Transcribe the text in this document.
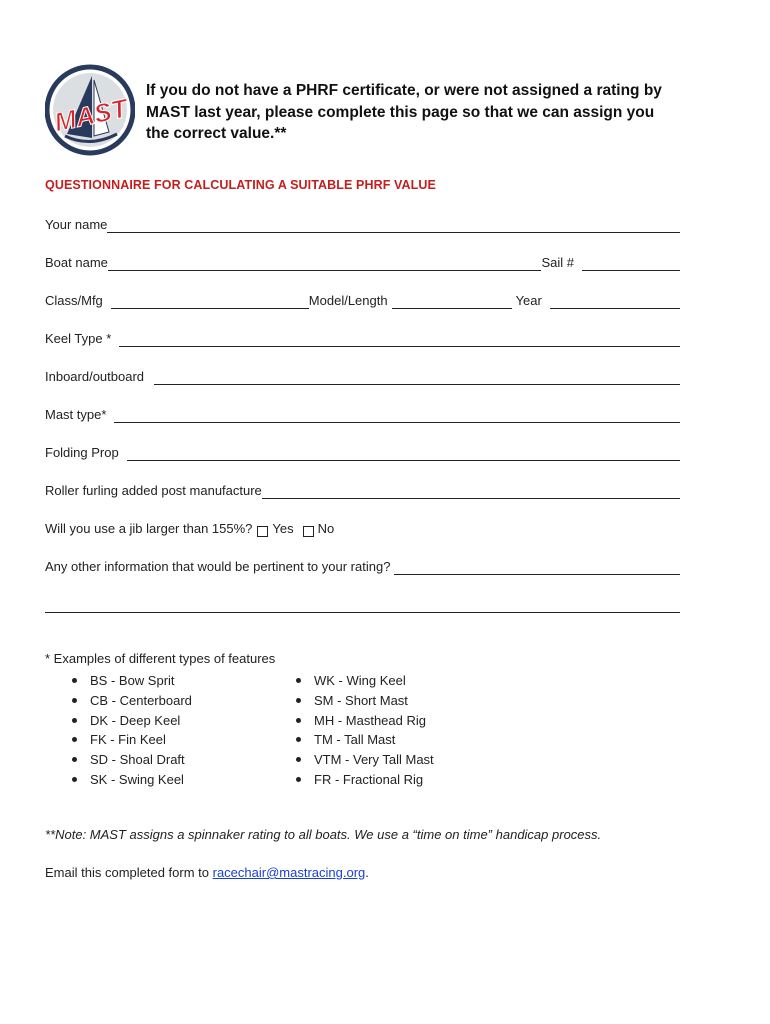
MAST
If you do not have a PHRF certificate, or were not assigned a rating by MAST last year, please complete this page so that we can assign you the correct value.**
QUESTIONNAIRE FOR CALCULATING A SUITABLE PHRF VALUE
Your name
Boat name	Sail #
Class/Mfg	Model/Length	Year
Keel Type *
Inboard/outboard
Mast type*
Folding Prop
Roller furling added post manufacture
Will you use a jib larger than 155%? Yes No
Any other information that would be pertinent to your rating?
* Examples of different types of features
BS - Bow Sprit
CB - Centerboard
DK - Deep Keel
FK - Fin Keel
SD - Shoal Draft
SK - Swing Keel
WK - Wing Keel
SM - Short Mast
MH - Masthead Rig
TM - Tall Mast
VTM - Very Tall Mast
FR - Fractional Rig
**Note: MAST assigns a spinnaker rating to all boats. We use a “time on time” handicap process.
Email this completed form to racechair@mastracing.org.
